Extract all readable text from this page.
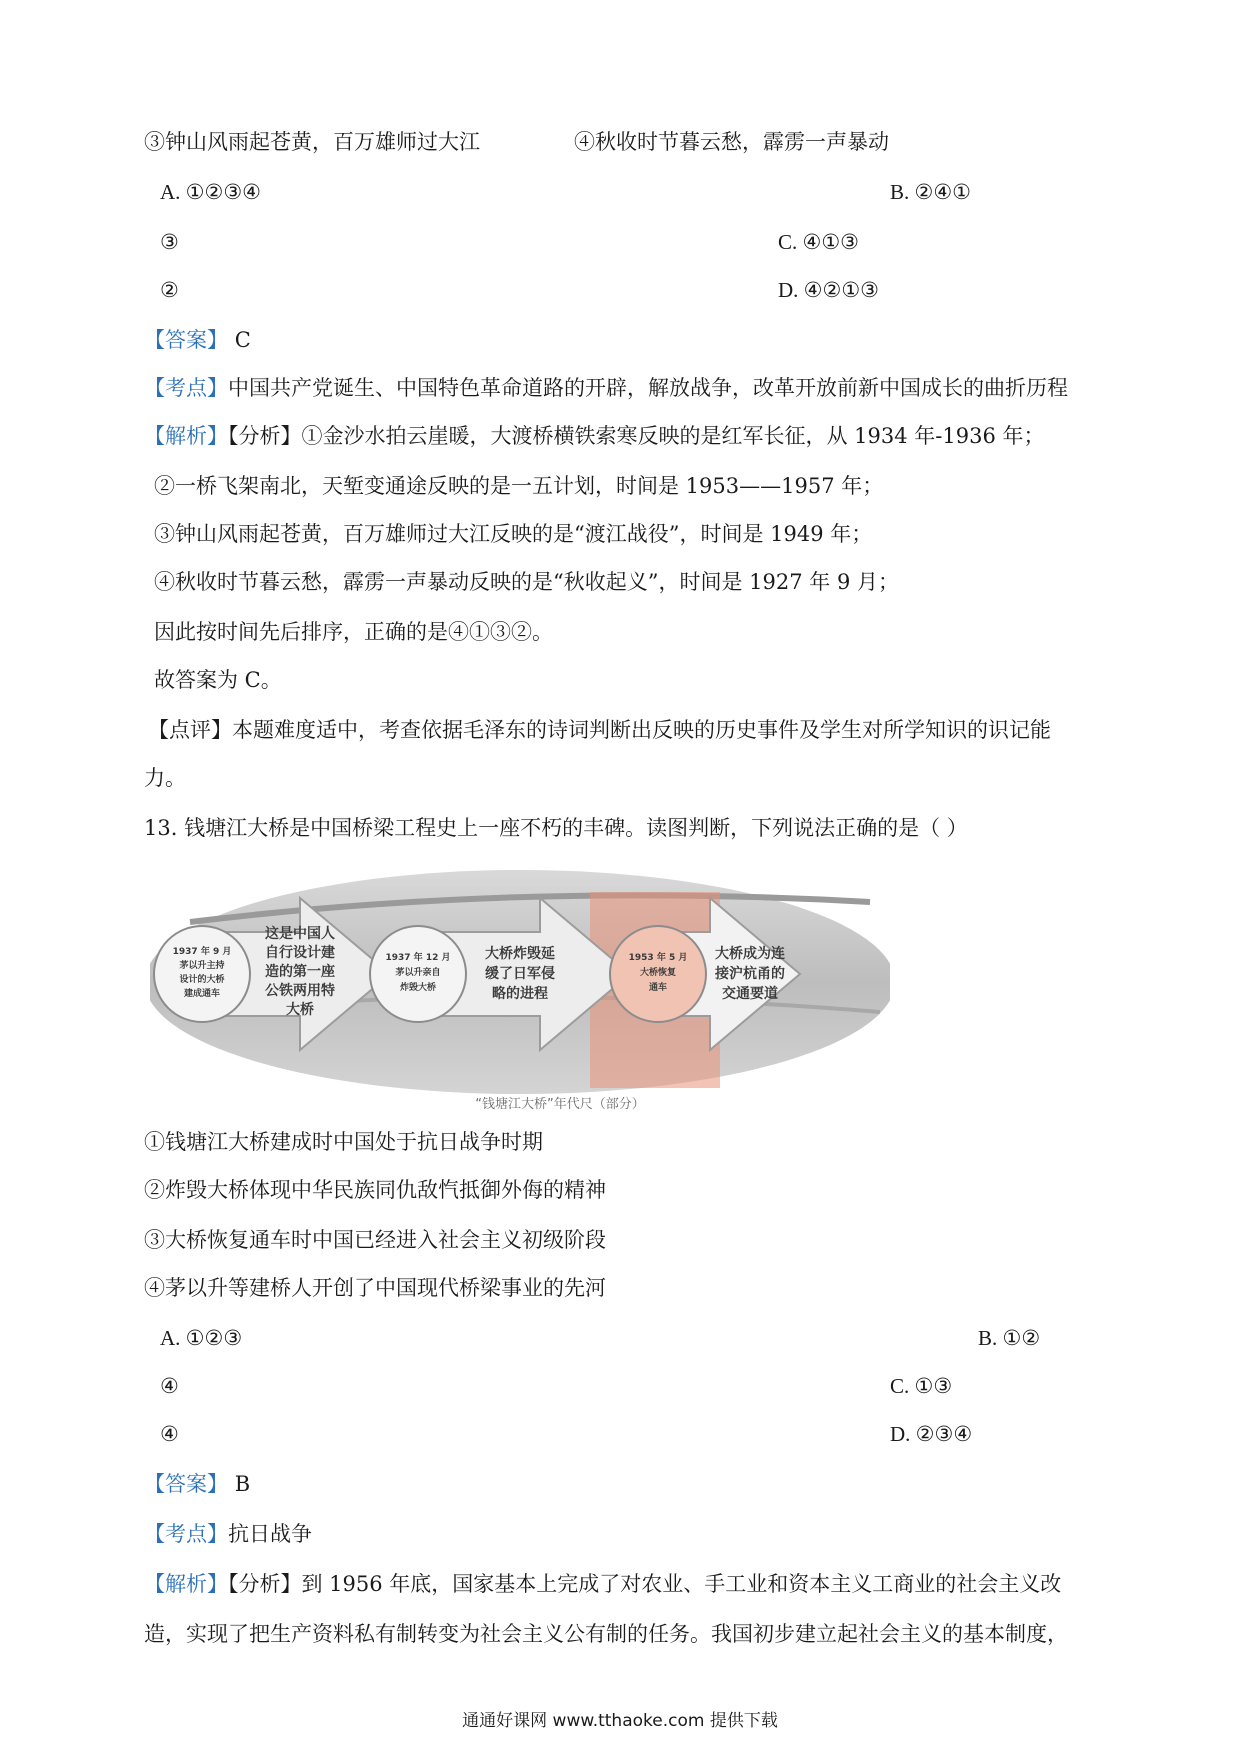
③钟山风雨起苍黄，百万雄师过大江	④秋收时节暮云愁，霹雳一声暴动
A. ①②③④	B. ②④①
③	C. ④①③
②	D. ④②①③
【答案】 C
【考点】中国共产党诞生、中国特色革命道路的开辟，解放战争，改革开放前新中国成长的曲折历程
【解析】【分析】①金沙水拍云崖暖，大渡桥横铁索寒反映的是红军长征，从 1934 年-1936 年；
②一桥飞架南北，天堑变通途反映的是一五计划，时间是 1953——1957 年；
③钟山风雨起苍黄，百万雄师过大江反映的是“渡江战役”，时间是 1949 年；
④秋收时节暮云愁，霹雳一声暴动反映的是“秋收起义”，时间是 1927 年 9 月；
因此按时间先后排序，正确的是④①③②。
故答案为 C。
【点评】本题难度适中，考查依据毛泽东的诗词判断出反映的历史事件及学生对所学知识的识记能
力。
13. 钱塘江大桥是中国桥梁工程史上一座不朽的丰碑。读图判断，下列说法正确的是（ ）
1937 年 9 月
茅以升主持
设计的大桥
建成通车
这是中国人
自行设计建
造的第一座
公铁两用特
大桥
1937 年 12 月
茅以升亲自
炸毁大桥
大桥炸毁延
缓了日军侵
略的进程
1953 年 5 月
大桥恢复
通车
大桥成为连
接沪杭甬的
交通要道
“钱塘江大桥”年代尺（部分）
①钱塘江大桥建成时中国处于抗日战争时期
②炸毁大桥体现中华民族同仇敌忾抵御外侮的精神
③大桥恢复通车时中国已经进入社会主义初级阶段
④茅以升等建桥人开创了中国现代桥梁事业的先河
A. ①②③	B. ①②
④	C. ①③
④	D. ②③④
【答案】 B
【考点】抗日战争
【解析】【分析】到 1956 年底，国家基本上完成了对农业、手工业和资本主义工商业的社会主义改
造，实现了把生产资料私有制转变为社会主义公有制的任务。我国初步建立起社会主义的基本制度，
通通好课网 www.tthaoke.com 提供下载
